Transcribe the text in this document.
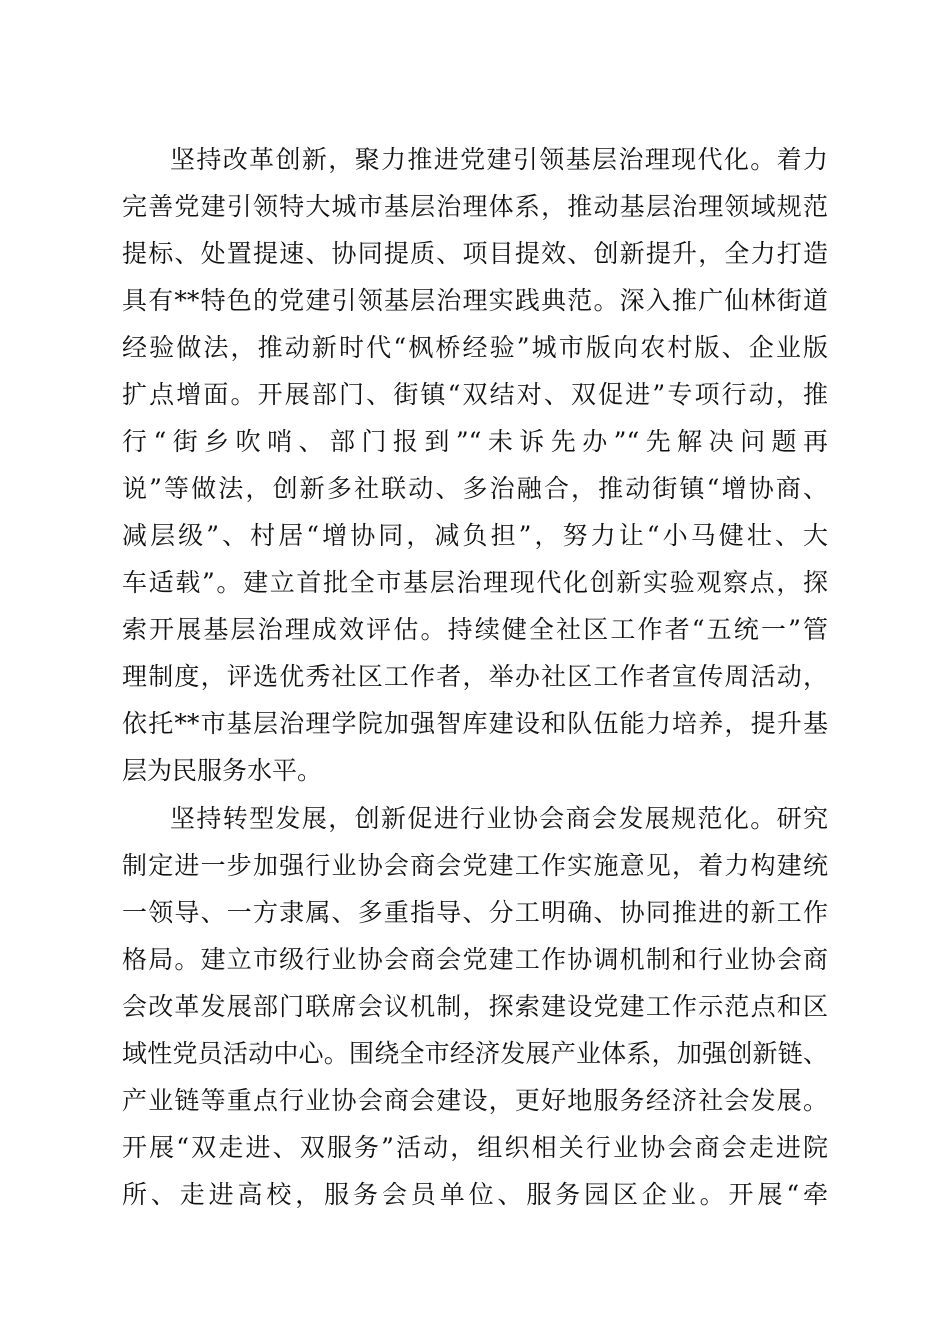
坚持改革创新，聚力推进党建引领基层治理现代化。着力
完善党建引领特大城市基层治理体系，推动基层治理领域规范
提标、处置提速、协同提质、项目提效、创新提升，全力打造
具有**特色的党建引领基层治理实践典范。深入推广仙林街道
经验做法，推动新时代“枫桥经验”城市版向农村版、企业版
扩点增面。开展部门、街镇“双结对、双促进”专项行动，推
行“街乡吹哨、部门报到”“未诉先办”“先解决问题再
说”等做法，创新多社联动、多治融合，推动街镇“增协商、
减层级”、村居“增协同，减负担”，努力让“小马健壮、大
车适载”。建立首批全市基层治理现代化创新实验观察点，探
索开展基层治理成效评估。持续健全社区工作者“五统一”管
理制度，评选优秀社区工作者，举办社区工作者宣传周活动，
依托**市基层治理学院加强智库建设和队伍能力培养，提升基
层为民服务水平。
坚持转型发展，创新促进行业协会商会发展规范化。研究
制定进一步加强行业协会商会党建工作实施意见，着力构建统
一领导、一方隶属、多重指导、分工明确、协同推进的新工作
格局。建立市级行业协会商会党建工作协调机制和行业协会商
会改革发展部门联席会议机制，探索建设党建工作示范点和区
域性党员活动中心。围绕全市经济发展产业体系，加强创新链、
产业链等重点行业协会商会建设，更好地服务经济社会发展。
开展“双走进、双服务”活动，组织相关行业协会商会走进院
所、走进高校，服务会员单位、服务园区企业。开展“牵
